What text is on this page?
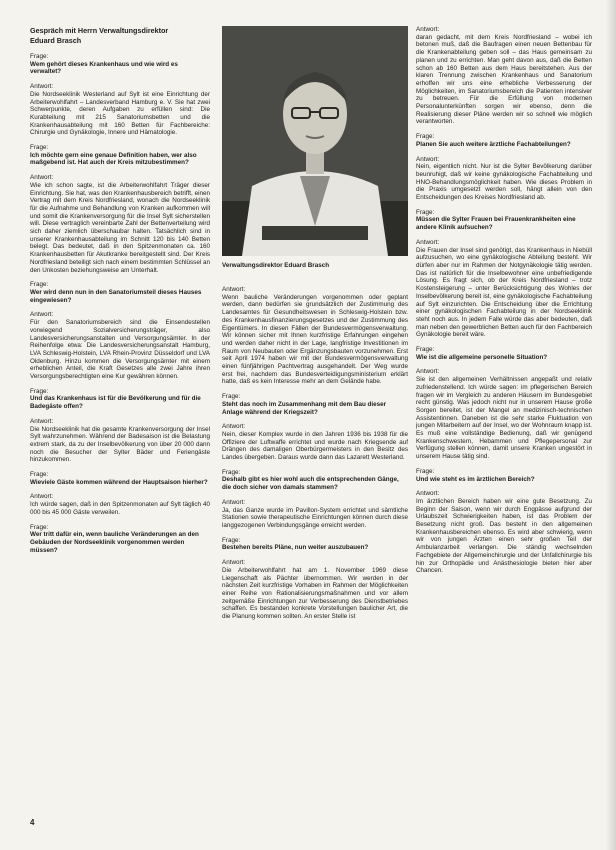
Gespräch mit Herrn Verwaltungsdirektor
Eduard Brasch
Frage:
Wem gehört dieses Krankenhaus und wie wird es verwaltet?
Antwort:

Die Nordseeklinik Westerland auf Sylt ist eine Einrichtung der Arbeiterwohlfahrt – Landesverband Hamburg e. V. Sie hat zwei Schwerpunkte, deren Aufgaben zu erfüllen sind: Die Kurabteilung mit 215 Sanatoriumsbetten und die Krankenhausabteilung mit 160 Betten für Fachbereiche: Chirurgie und Gynäkologie, Innere und Hämatologie.

Frage:
Ich möchte gern eine genaue Definition haben, wer also maßgebend ist. Hat auch der Kreis mitzubestimmen?
Antwort:

Wie ich schon sagte, ist die Arbeiterwohlfahrt Träger dieser Einrichtung. Sie hat, was den Krankenhausbereich betrifft, einen Vertrag mit dem Kreis Nordfriesland, wonach die Nordseeklinik für die Aufnahme und Behandlung von Kranken aufkommen will und somit die Krankenversorgung für die Insel Sylt sicherstellen will. Diese vertraglich vereinbarte Zahl der Bettenverteilung wird sich daher ziemlich überschaubar halten. Tatsächlich sind in unserer Krankenhausabteilung im Schnitt 120 bis 140 Betten belegt. Das bedeutet, daß in den Spitzenmonaten ca. 160 Krankenhausbetten für Akutkranke bereitgestellt sind. Der Kreis Nordfriesland beteiligt sich nach einem bestimmten Schlüssel an den Unkosten beziehungsweise am Unterhalt.

Frage:
Wer wird denn nun in den Sanatoriumsteil dieses Hauses eingewiesen?
Antwort:

Für den Sanatoriumsbereich sind die Einsendestellen vorwiegend Sozialversicherungsträger, also Landesversicherungsanstalten und Versorgungsämter. In der Reihenfolge etwa: Die Landesversicherungsanstalt Hamburg, LVA Schleswig-Holstein, LVA Rhein-Provinz Düsseldorf und LVA Oldenburg. Hinzu kommen die Versorgungsämter mit einem erheblichen Anteil, die Kraft Gesetzes alle zwei Jahre ihren Versorgungsberechtigten eine Kur gewähren können.

Frage:
Und das Krankenhaus ist für die Bevölkerung und für die Badegäste offen?
Antwort:

Die Nordseeklinik hat die gesamte Krankenversorgung der Insel Sylt wahrzunehmen. Während der Badesaison ist die Belastung extrem stark, da zu der Inselbevölkerung von über 20 000 dann noch die Besucher der Sylter Bäder und Feriengäste hinzukommen.

Frage:
Wieviele Gäste kommen während der Hauptsaison hierher?
Antwort:

Ich würde sagen, daß in den Spitzenmonaten auf Sylt täglich 40 000 bis 45 000 Gäste verweilen.

Frage:
Wer tritt dafür ein, wenn bauliche Veränderungen an den Gebäuden der Nordseeklinik vorgenommen werden müssen?
Verwaltungsdirektor Eduard Brasch
Antwort:

Wenn bauliche Veränderungen vorgenommen oder geplant werden, dann bedürfen sie grundsätzlich der Zustimmung des Landesamtes für Gesundheitswesen in Schleswig-Holstein bzw. des Krankenhausfinanzierungsgesetzes und der Zustimmung des Eigentümers. In diesen Fällen der Bundesvermögensverwaltung. Wir können sicher mit Ihnen kurzfristige Erfahrungen eingehen und werden daher nicht in der Lage, langfristige Investitionen im Raum von Neubauten oder Ergänzungsbauten vorzunehmen. Erst seit April 1974 haben wir mit der Bundesvermögensverwaltung einen fünfjährigen Pachtvertrag ausgehandelt. Der Weg wurde erst frei, nachdem das Bundesverteidigungsministerium erklärt hatte, daß es kein Interesse mehr an dem Gelände habe.

Frage:
Steht das noch im Zusammenhang mit dem Bau dieser Anlage während der Kriegszeit?
Antwort:

Nein, dieser Komplex wurde in den Jahren 1936 bis 1938 für die Offiziere der Luftwaffe errichtet und wurde nach Kriegsende auf Drängen des damaligen Oberbürgermeisters in den Besitz des Landes übergeben. Daraus wurde dann das Lazarett Westerland.

Frage:
Deshalb gibt es hier wohl auch die entsprechenden Gänge, die doch sicher von damals stammen?
Antwort:

Ja, das Ganze wurde im Pavillon-System errichtet und sämtliche Stationen sowie therapeutische Einrichtungen können durch diese langgezogenen Verbindungsgänge erreicht werden.

Frage:
Bestehen bereits Pläne, nun weiter auszubauen?
Antwort:

Die Arbeiterwohlfahrt hat am 1. November 1969 diese Liegenschaft als Pächter übernommen. Wir werden in der nächsten Zeit kurzfristige Vorhaben im Rahmen der Möglichkeiten einer Reihe von Rationalisierungsmaßnahmen und vor allem zeitgemäße Einrichtungen zur Verbesserung des Dienstbetriebes schaffen. Es bestanden konkrete Vorstellungen baulicher Art, die die Planung kommen sollten. An erster Stelle ist

Antwort:

daran gedacht, mit dem Kreis Nordfriesland – wobei ich betonen muß, daß die Baufragen einen neuen Bettenbau für die Krankenabteilung geben soll – das Haus gemeinsam zu planen und zu errichten. Man geht davon aus, daß die Betten schon ab 160 Betten aus dem Haus bereitstehen. Aus der klaren Trennung zwischen Krankenhaus und Sanatorium erhoffen wir uns eine erhebliche Verbesserung der Möglichkeiten, im Sanatoriumsbereich die Patienten intensiver zu betreuen. Für die Erfüllung von modernen Personalunterkünften sorgen wir ebenso, denn die Realisierung dieser Pläne werden wir so schnell wie möglich verantworten.

Frage:
Planen Sie auch weitere ärztliche Fachabteilungen?
Antwort:

Nein, eigentlich nicht. Nur ist die Sylter Bevölkerung darüber beunruhigt, daß wir keine gynäkologische Fachabteilung und HNO-Behandlungsmöglichkeit haben. Wie dieses Problem in die Praxis umgesetzt werden soll, hängt allein von den Entscheidungen des Kreises Nordfriesland ab.

Frage:
Müssen die Sylter Frauen bei Frauenkrankheiten eine andere Klinik aufsuchen?
Antwort:

Die Frauen der Insel sind genötigt, das Krankenhaus in Niebüll aufzusuchen, wo eine gynäkologische Abteilung besteht. Wir dürfen aber nur im Rahmen der Notgynäkologie tätig werden. Das ist natürlich für die Inselbewohner eine unbefriedigende Lösung. Es fragt sich, ob der Kreis Nordfriesland – trotz Kostensteigerung – unter Berücksichtigung des Wohles der Inselbevölkerung bereit ist, eine gynäkologische Fachabteilung auf Sylt einzurichten. Die Entscheidung über die Errichtung einer gynäkologischen Fachabteilung in der Nordseeklinik steht noch aus. In jedem Falle würde das aber bedeuten, daß man neben den gewerblichen Betten auch für den Fachbereich Gynäkologie bereit wäre.

Frage:
Wie ist die allgemeine personelle Situation?
Antwort:

Sie ist den allgemeinen Verhältnissen angepaßt und relativ zufriedenstellend. Ich würde sagen: im pflegerischen Bereich fragen wir im Vergleich zu anderen Häusern im Bundesgebiet recht günstig. Was jedoch nicht nur in unserem Hause große Sorgen bereitet, ist der Mangel an medizinisch-technischen Assistentinnen. Daneben ist die sehr starke Fluktuation von jungen Mitarbeitern auf der Insel, wo der Wohnraum knapp ist. Es muß eine vollständige Bedienung, daß wir genügend Krankenschwestern, Hebammen und Pflegepersonal zur Verfügung stellen können, damit unsere Kranken ungestört in unserem Hause tätig sind.

Frage:
Und wie steht es im ärztlichen Bereich?
Antwort:

Im ärztlichen Bereich haben wir eine gute Besetzung. Zu Beginn der Saison, wenn wir durch Engpässe aufgrund der Urlaubszeit Schwierigkeiten haben, ist das Problem der Besetzung nicht groß. Das besteht in den allgemeinen Krankenhausbereichen ebenso. Es wird aber schwierig, wenn wir von jungen Ärzten einen sehr großen Teil der Ambulanzarbeit verlangen. Die ständig wechselnden Fachgebiete der Allgemeinchirurgie und der Unfallchirurgie bis hin zur Orthopädie und Anästhesiologie bieten hier aber Chancen.

4
